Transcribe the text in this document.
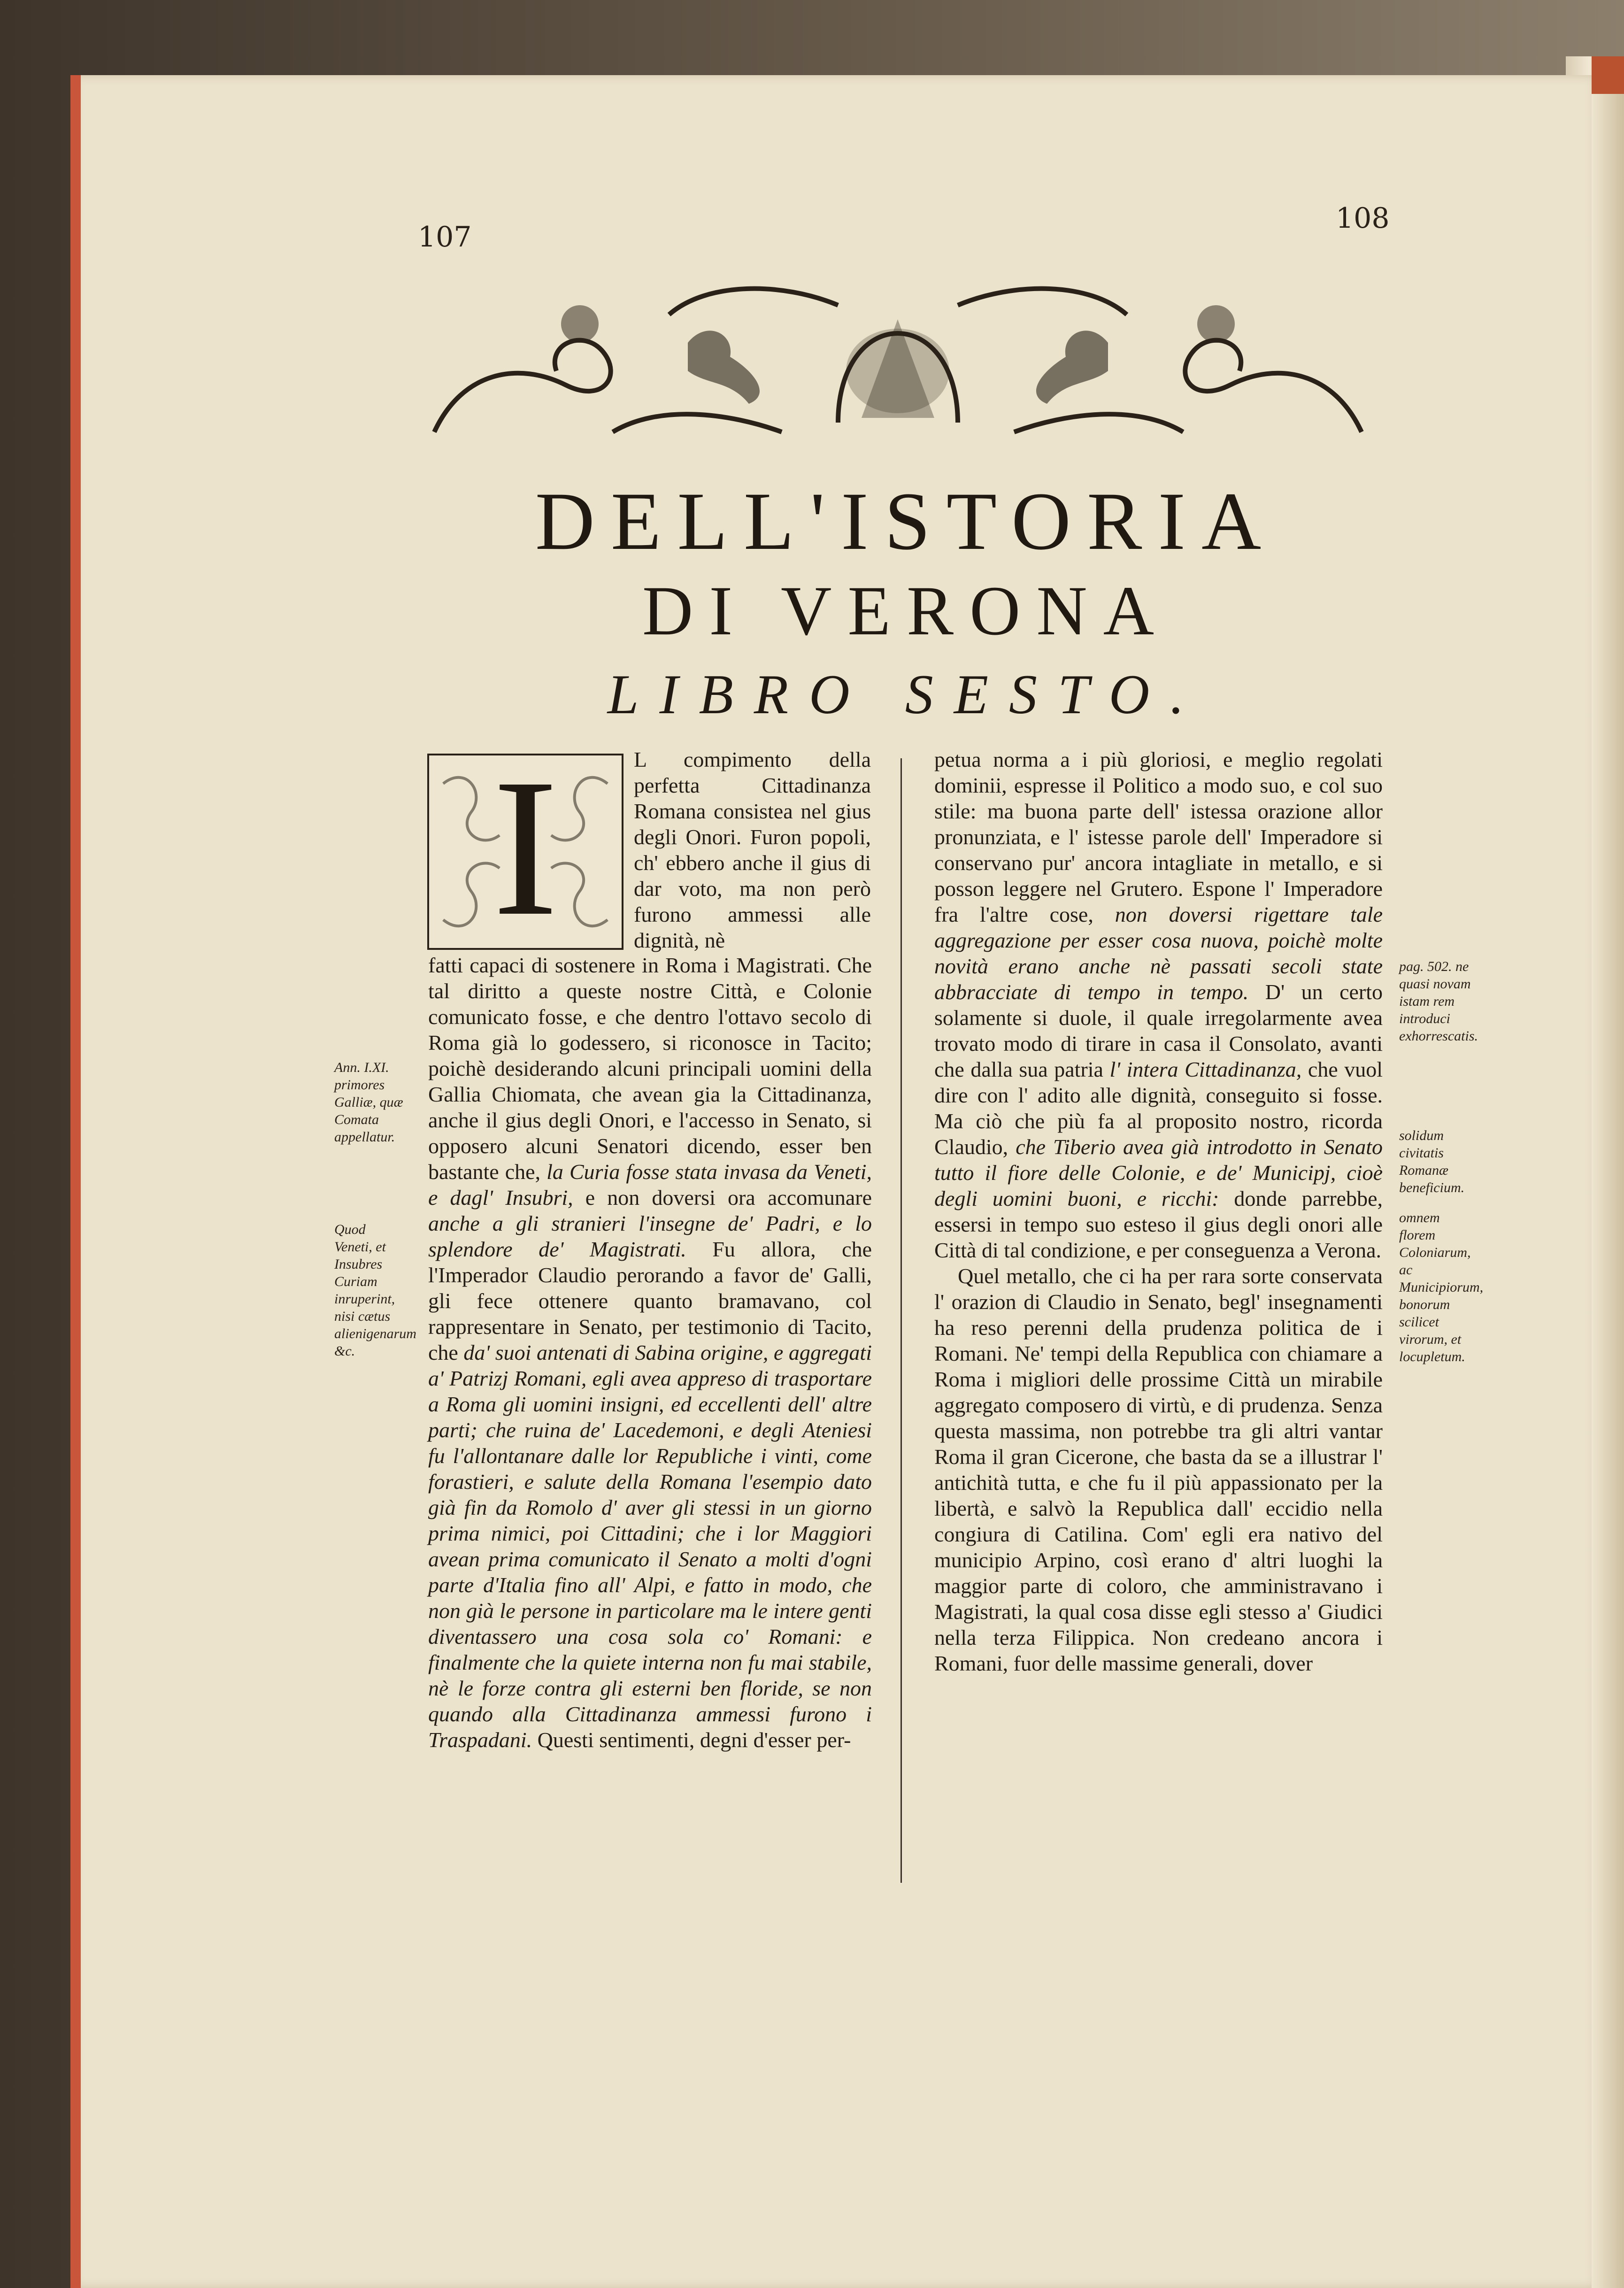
107
108
DELL'ISTORIA
DI VERONA
LIBRO SESTO.
I	L compimento della perfetta Cittadinanza Romana consistea nel gius degli Onori. Furon popoli, ch' ebbero anche il gius di dar voto, ma non però furono ammessi alle dignità, nè

fatti capaci di sostenere in Roma i Magistrati. Che tal diritto a queste nostre Città, e Colonie comunicato fosse, e che dentro l'ottavo secolo di Roma già lo godessero, si riconosce in Tacito; poichè desiderando alcuni principali uomini della Gallia Chiomata, che avean gia la Cittadinanza, anche il gius degli Onori, e l'accesso in Senato, si opposero alcuni Senatori dicendo, esser ben bastante che, la Curia fosse stata invasa da Veneti, e dagl' Insubri, e non doversi ora accomunare anche a gli stranieri l'insegne de' Padri, e lo splendore de' Magistrati. Fu allora, che l'Imperador Claudio perorando a favor de' Galli, gli fece ottenere quanto bramavano, col rappresentare in Senato, per testimonio di Tacito, che da' suoi antenati di Sabina origine, e aggregati a' Patrizj Romani, egli avea appreso di trasportare a Roma gli uomini insigni, ed eccellenti dell' altre parti; che ruina de' Lacedemoni, e degli Ateniesi fu l'allontanare dalle lor Republiche i vinti, come forastieri, e salute della Romana l'esempio dato già fin da Romolo d' aver gli stessi in un giorno prima nimici, poi Cittadini; che i lor Maggiori avean prima comunicato il Senato a molti d'ogni parte d'Italia fino all' Alpi, e fatto in modo, che non già le persone in particolare ma le intere genti diventassero una cosa sola co' Romani: e finalmente che la quiete interna non fu mai stabile, nè le forze contra gli esterni ben floride, se non quando alla Cittadinanza ammessi furono i Traspadani. Questi sentimenti, degni d'esser per-

petua norma a i più gloriosi, e meglio regolati dominii, espresse il Politico a modo suo, e col suo stile: ma buona parte dell' istessa orazione allor pronunziata, e l' istesse parole dell' Imperadore si conservano pur' ancora intagliate in metallo, e si posson leggere nel Grutero. Espone l' Imperadore fra l'altre cose, non doversi rigettare tale aggregazione per esser cosa nuova, poichè molte novità erano anche nè passati secoli state abbracciate di tempo in tempo. D' un certo solamente si duole, il quale irregolarmente avea trovato modo di tirare in casa il Consolato, avanti che dalla sua patria l' intera Cittadinanza, che vuol dire con l' adito alle dignità, conseguito si fosse. Ma ciò che più fa al proposito nostro, ricorda Claudio, che Tiberio avea già introdotto in Senato tutto il fiore delle Colonie, e de' Municipj, cioè degli uomini buoni, e ricchi: donde parrebbe, essersi in tempo suo esteso il gius degli onori alle Città di tal condizione, e per conseguenza a Verona.

Quel metallo, che ci ha per rara sorte conservata l' orazion di Claudio in Senato, begl' insegnamenti ha reso perenni della prudenza politica de i Romani. Ne' tempi della Republica con chiamare a Roma i migliori delle prossime Città un mirabile aggregato composero di virtù, e di prudenza. Senza questa massima, non potrebbe tra gli altri vantar Roma il gran Cicerone, che basta da se a illustrar l' antichità tutta, e che fu il più appassionato per la libertà, e salvò la Republica dall' eccidio nella congiura di Catilina. Com' egli era nativo del municipio Arpino, così erano d' altri luoghi la maggior parte di coloro, che amministravano i Magistrati, la qual cosa disse egli stesso a' Giudici nella terza Filippica. Non credeano ancora i Romani, fuor delle massime generali, dover

Ann. I.XI. primores Galliæ, quæ Comata appellatur.
Quod Veneti, et Insubres Curiam inruperint, nisi cætus alienigenarum &c.
pag. 502. ne quasi novam istam rem introduci exhorrescatis.
solidum civitatis Romanæ beneficium.
omnem florem Coloniarum, ac Municipiorum, bonorum scilicet virorum, et locupletum.
